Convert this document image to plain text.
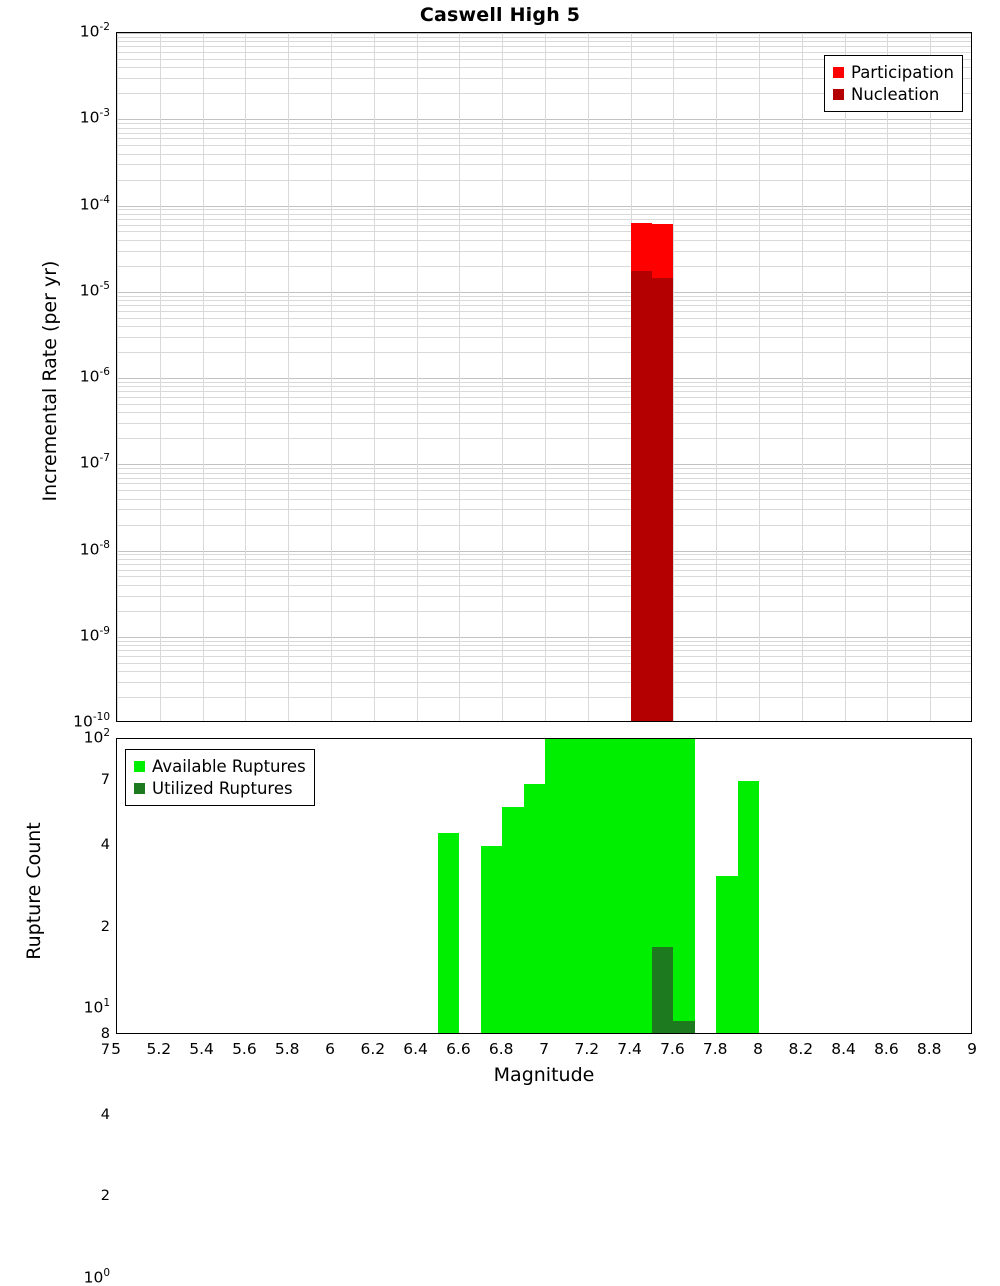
Caswell High 5
Participation
Nucleation
$10^{-2}$
$10^{-3}$
$10^{-4}$
$10^{-5}$
$10^{-6}$
$10^{-7}$
$10^{-8}$
$10^{-9}$
$10^{-10}$
Incremental Rate (per yr)
Available Ruptures
Utilized Ruptures
$10^2$
$10^1$
$10^0$
7
4
2
7
4
2
8
Rupture Count
5 5.2 5.4 5.6 5.8 6 6.2 6.4 6.6 6.8 7 7.2 7.4 7.6 7.8 8 8.2 8.4 8.6 8.8 9
Magnitude
